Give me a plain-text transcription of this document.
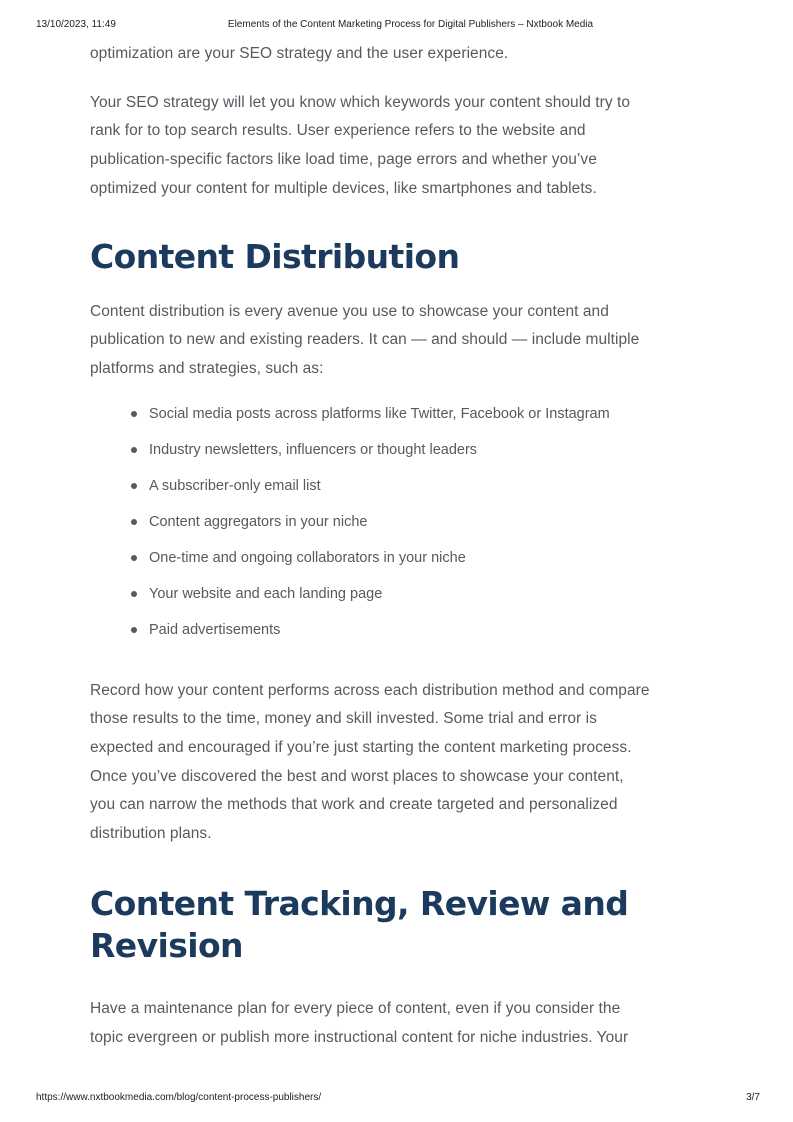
13/10/2023, 11:49	Elements of the Content Marketing Process for Digital Publishers – Nxtbook Media

optimization are your SEO strategy and the user experience.

Your SEO strategy will let you know which keywords your content should try to
rank for to top search results. User experience refers to the website and
publication-specific factors like load time, page errors and whether you’ve
optimized your content for multiple devices, like smartphones and tablets.

Content Distribution

Content distribution is every avenue you use to showcase your content and
publication to new and existing readers. It can — and should — include multiple
platforms and strategies, such as:

Social media posts across platforms like Twitter, Facebook or Instagram
Industry newsletters, influencers or thought leaders
A subscriber-only email list
Content aggregators in your niche
One-time and ongoing collaborators in your niche
Your website and each landing page
Paid advertisements

Record how your content performs across each distribution method and compare
those results to the time, money and skill invested. Some trial and error is
expected and encouraged if you’re just starting the content marketing process.
Once you’ve discovered the best and worst places to showcase your content,
you can narrow the methods that work and create targeted and personalized
distribution plans.

Content Tracking, Review and
Revision

Have a maintenance plan for every piece of content, even if you consider the
topic evergreen or publish more instructional content for niche industries. Your

https://www.nxtbookmedia.com/blog/content-process-publishers/	3/7
